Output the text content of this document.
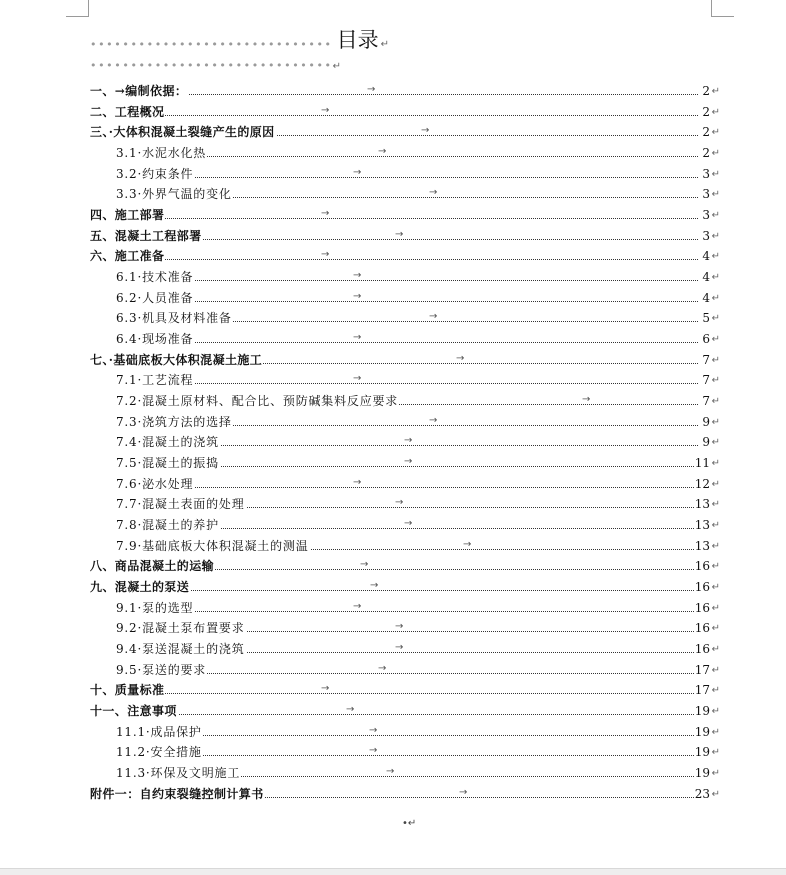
•••••••••••••••••••••••••••••• 目录 ↵
•••••••••••••••••••••••••••••• ↵
一、→编制依据：	→	2 ↵
二、工程概况	→	2 ↵
三、·大体积混凝土裂缝产生的原因	→	2 ↵
3.1·水泥水化热	→	2 ↵
3.2·约束条件	→	3 ↵
3.3·外界气温的变化	→	3 ↵
四、施工部署	→	3 ↵
五、混凝土工程部署	→	3 ↵
六、施工准备	→	4 ↵
6.1·技术准备	→	4 ↵
6.2·人员准备	→	4 ↵
6.3·机具及材料准备	→	5 ↵
6.4·现场准备	→	6 ↵
七、·基础底板大体积混凝土施工	→	7 ↵
7.1·工艺流程	→	7 ↵
7.2·混凝土原材料、配合比、预防碱集料反应要求	→	7 ↵
7.3·浇筑方法的选择	→	9 ↵
7.4·混凝土的浇筑	→	9 ↵
7.5·混凝土的振捣	→	11 ↵
7.6·泌水处理	→	12 ↵
7.7·混凝土表面的处理	→	13 ↵
7.8·混凝土的养护	→	13 ↵
7.9·基础底板大体积混凝土的测温	→	13 ↵
八、商品混凝土的运输	→	16 ↵
九、混凝土的泵送	→	16 ↵
9.1·泵的选型	→	16 ↵
9.2·混凝土泵布置要求	→	16 ↵
9.4·泵送混凝土的浇筑	→	16 ↵
9.5·泵送的要求	→	17 ↵
十、质量标准	→	17 ↵
十一、注意事项	→	19 ↵
11.1·成品保护	→	19 ↵
11.2·安全措施	→	19 ↵
11.3·环保及文明施工	→	19 ↵
附件一：自约束裂缝控制计算书	→	23 ↵
•↵
